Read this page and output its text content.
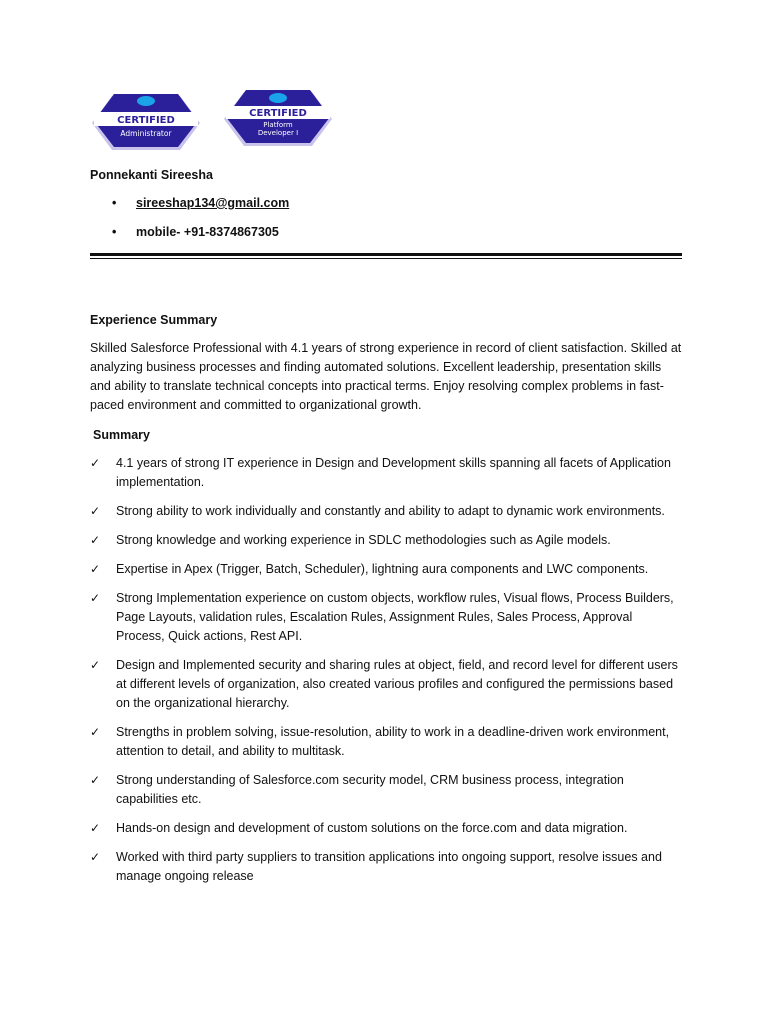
CERTIFIED
Administrator
CERTIFIED
Platform
Developer I
Ponnekanti Sireesha
• sireeshap134@gmail.com
• mobile- +91-8374867305
Experience Summary

Skilled Salesforce Professional with 4.1 years of strong experience in record of client satisfaction. Skilled at analyzing business processes and finding automated solutions. Excellent leadership, presentation skills and ability to translate technical concepts into practical terms. Enjoy resolving complex problems in fast-paced environment and committed to organizational growth.

Summary
✓ 4.1 years of strong IT experience in Design and Development skills spanning all facets of Application implementation.
✓ Strong ability to work individually and constantly and ability to adapt to dynamic work environments.
✓ Strong knowledge and working experience in SDLC methodologies such as Agile models.
✓ Expertise in Apex (Trigger, Batch, Scheduler), lightning aura components and LWC components.
✓ Strong Implementation experience on custom objects, workflow rules, Visual flows, Process Builders, Page Layouts, validation rules, Escalation Rules, Assignment Rules, Sales Process, Approval Process, Quick actions, Rest API.
✓ Design and Implemented security and sharing rules at object, field, and record level for different users at different levels of organization, also created various profiles and configured the permissions based on the organizational hierarchy.
✓ Strengths in problem solving, issue-resolution, ability to work in a deadline-driven work environment, attention to detail, and ability to multitask.
✓ Strong understanding of Salesforce.com security model, CRM business process, integration capabilities etc.
✓ Hands-on design and development of custom solutions on the force.com and data migration.
✓ Worked with third party suppliers to transition applications into ongoing support, resolve issues and manage ongoing release
